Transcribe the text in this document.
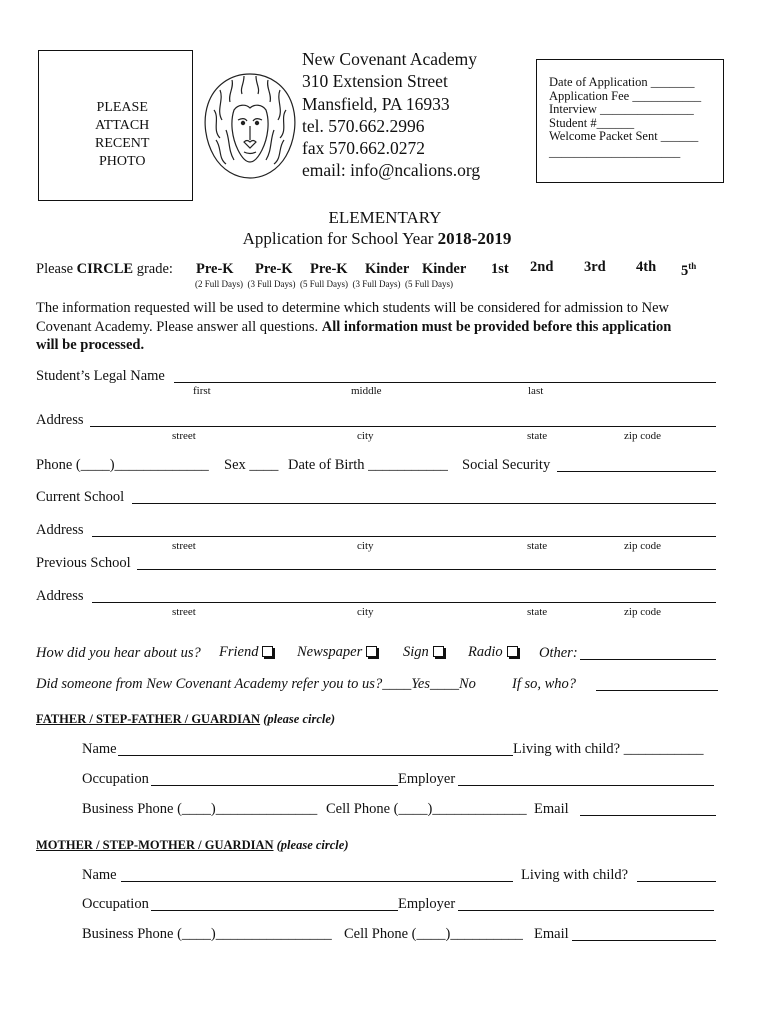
PLEASE
ATTACH
RECENT
PHOTO
New Covenant Academy
310 Extension Street
Mansfield, PA 16933
tel. 570.662.2996
fax 570.662.0272
email: info@ncalions.org
Date of Application _______
Application Fee ___________
Interview _______________
Student #______
Welcome Packet Sent ______
_____________________
ELEMENTARY
Application for School Year 2018-2019
Please CIRCLE grade: Pre-K Pre-K Pre-K Kinder Kinder 1st 2nd 3rd 4th 5th
(2 Full Days) (3 Full Days) (5 Full Days) (3 Full Days) (5 Full Days)
The information requested will be used to determine which students will be considered for admission to New
Covenant Academy. Please answer all questions. All information must be provided before this application
will be processed.
Student’s Legal Name
first	middle	last
Address
street	city	state	zip code
Phone (____)_____________ Sex ____ Date of Birth ___________ Social Security
Current School
Address
street	city	state	zip code
Previous School
Address
street	city	state	zip code
How did you hear about us? Friend	Newspaper	Sign	Radio	Other:
Did someone from New Covenant Academy refer you to us?____Yes____No If so, who?
FATHER / STEP-FATHER / GUARDIAN (please circle)
Name	Living with child? ___________
Occupation	Employer
Business Phone (____)______________ Cell Phone (____)_____________ Email
MOTHER / STEP-MOTHER / GUARDIAN (please circle)
Name	Living with child?
Occupation	Employer
Business Phone (____)________________ Cell Phone (____)__________ Email
